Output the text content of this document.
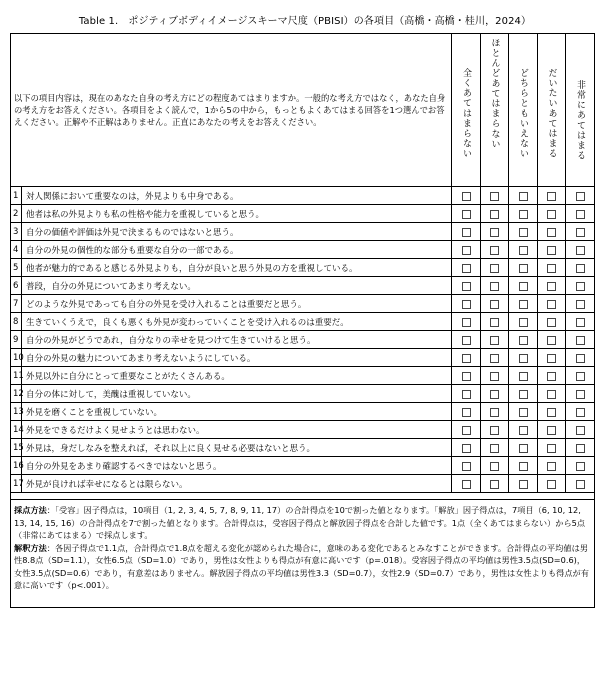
Table 1.　ポジティブボディイメージスキーマ尺度（PBISI）の各項目（高橋・高橋・桂川，2024）
以下の項目内容は，現在のあなた自身の考え方にどの程度あてはまりますか。一般的な考え方ではなく，あなた自身の考え方をお答えください。各項目をよく読んで，1から5の中から，もっともよくあてはまる回答を1つ選んでお答えください。正解や不正解はありません。正直にあなたの考えをお答えください。		全くあてはまらない	ほとんどあてはまらない	どちらともいえない	だいたいあてはまる	非常にあてはまる

1	対人関係において重要なのは，外見よりも中身である。					
2	他者は私の外見よりも私の性格や能力を重視していると思う。					
3	自分の価値や評価は外見で決まるものではないと思う。					
4	自分の外見の個性的な部分も重要な自分の一部である。					
5	他者が魅力的であると感じる外見よりも，自分が良いと思う外見の方を重視している。					
6	普段，自分の外見についてあまり考えない。					
7	どのような外見であっても自分の外見を受け入れることは重要だと思う。					
8	生きていくうえで，良くも悪くも外見が変わっていくことを受け入れるのは重要だ。					
9	自分の外見がどうであれ，自分なりの幸せを見つけて生きていけると思う。					
10	自分の外見の魅力についてあまり考えないようにしている。					
11	外見以外に自分にとって重要なことがたくさんある。					
12	自分の体に対して，美醜は重視していない。					
13	外見を磨くことを重視していない。					
14	外見をできるだけよく見せようとは思わない。					
15	外見は，身だしなみを整えれば，それ以上に良く見せる必要はないと思う。					
16	自分の外見をあまり確認するべきではないと思う。					
17	外見が良ければ幸せになるとは限らない。					

採点方法：「受容」因子得点は，10項目（1, 2, 3, 4, 5, 7, 8, 9, 11, 17）の合計得点を10で割った値となります。「解放」因子得点は，7項目（6, 10, 12, 13, 14, 15, 16）の合計得点を7で割った値となります。合計得点は，受容因子得点と解放因子得点を合計した値です。1点（全くあてはまらない）から5点（非常にあてはまる）で採点します。
解釈方法：各因子得点で1.1点，合計得点で1.8点を超える変化が認められた場合に，意味のある変化であるとみなすことができます。合計得点の平均値は男性8.8点（SD=1.1），女性6.5点（SD=1.0）であり，男性は女性よりも得点が有意に高いです（p=.018）。受容因子得点の平均値は男性3.5点(SD=0.6)，女性3.5点(SD=0.6）であり，有意差はありません。解放因子得点の平均値は男性3.3（SD=0.7），女性2.9（SD=0.7）であり，男性は女性よりも得点が有意に高いです（p<.001）。						
